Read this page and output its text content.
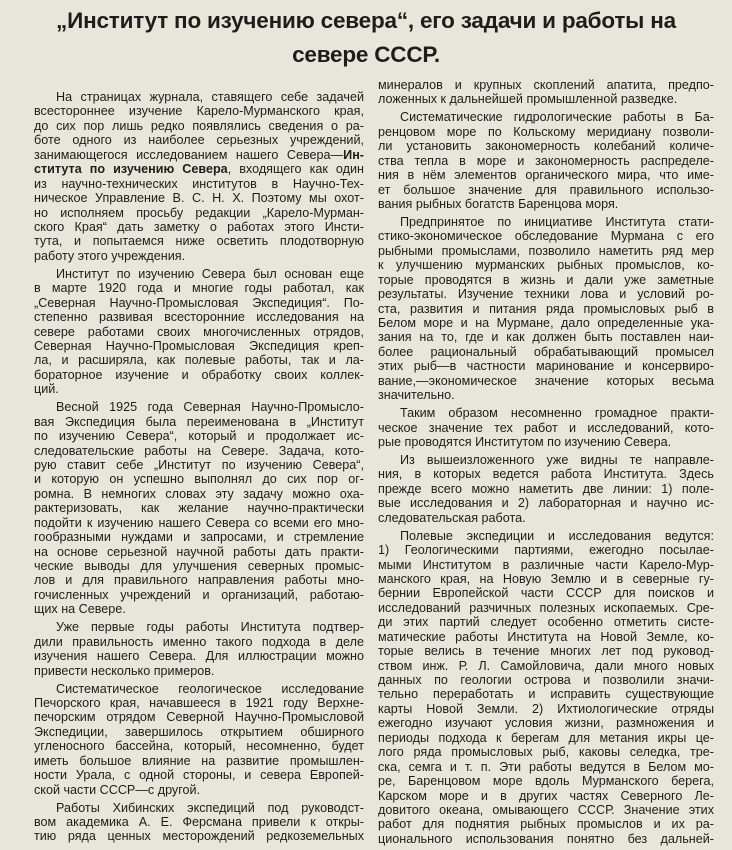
„Институт по изучению севера“, его задачи и работы на
севере СССР.
На страницах журнала, ставящего себе задачей
всестороннее изучение Карело-Мурманского края,
до сих пор лишь редко появлялись сведения о ра-
боте одного из наиболее серьезных учреждений,
занимающегося исследованием нашего Севера—Ин-
ститута по изучению Севера, входящего как один
из научно-технических институтов в Научно-Тех-
ническое Управление В. С. Н. Х. Поэтому мы охот-
но исполняем просьбу редакции „Карело-Мурман-
ского Края“ дать заметку о работах этого Инсти-
тута, и попытаемся ниже осветить плодотворную
работу этого учреждения.
Институт по изучению Севера был основан еще
в марте 1920 года и многие годы работал, как
„Северная Научно-Промысловая Экспедиция“. По-
степенно развивая всесторонние исследования на
севере работами своих многочисленных отрядов,
Северная Научно-Промысловая Экспедиция креп-
ла, и расширяла, как полевые работы, так и ла-
бораторное изучение и обработку своих коллек-
ций.
Весной 1925 года Северная Научно-Промысло-
вая Экспедиция была переименована в „Институт
по изучению Севера“, который и продолжает ис-
следовательские работы на Севере. Задача, кото-
рую ставит себе „Институт по изучению Севера“,
и которую он успешно выполнял до сих пор ог-
ромна. В немногих словах эту задачу можно оха-
рактеризовать, как желание научно-практически
подойти к изучению нашего Севера со всеми его мно-
гообразными нуждами и запросами, и стремление
на основе серьезной научной работы дать практи-
ческие выводы для улучшения северных промыс-
лов и для правильного направления работы мно-
гочисленных учреждений и организаций, работаю-
щих на Севере.
Уже первые годы работы Института подтвер-
дили правильность именно такого подхода в деле
изучения нашего Севера. Для иллюстрации можно
привести несколько примеров.
Систематическое геологическое исследование
Печорского края, начавшееся в 1921 году Верхне-
печорским отрядом Северной Научно-Промысловой
Экспедиции, завершилось открытием обширного
угленосного бассейна, который, несомненно, будет
иметь большое влияние на развитие промышлен-
ности Урала, с одной стороны, и севера Европей-
ской части СССР—с другой.
Работы Хибинских экспедиций под руководст-
вом академика А. Е. Ферсмана привели к откры-
тию ряда ценных месторождений редкоземельных
минералов и крупных скоплений апатита, предпо-
ложенных к дальнейшей промышленной разведке.
Систематические гидрологические работы в Ба-
ренцовом море по Кольскому меридиану позволи-
ли установить закономерность колебаний количе-
ства тепла в море и закономерность распределе-
ния в нём элементов органического мира, что име-
ет большое значение для правильного использо-
вания рыбных богатств Баренцова моря.
Предпринятое по инициативе Института стати-
стико-экономическое обследование Мурмана с его
рыбными промыслами, позволило наметить ряд мер
к улучшению мурманских рыбных промыслов, ко-
торые проводятся в жизнь и дали уже заметные
результаты. Изучение техники лова и условий ро-
ста, развития и питания ряда промысловых рыб в
Белом море и на Мурмане, дало определенные ука-
зания на то, где и как должен быть поставлен наи-
более рациональный обрабатывающий промысел
этих рыб—в частности маринование и консервиро-
вание,—экономическое значение которых весьма
значительно.
Таким образом несомненно громадное практи-
ческое значение тех работ и исследований, кото-
рые проводятся Институтом по изучению Севера.
Из вышеизложенного уже видны те направле-
ния, в которых ведется работа Института. Здесь
прежде всего можно наметить две линии: 1) поле-
вые исследования и 2) лабораторная и научно ис-
следовательская работа.
Полевые экспедиции и исследования ведутся:
1) Геологическими партиями, ежегодно посылае-
мыми Институтом в различные части Карело-Мур-
манского края, на Новую Землю и в северные гу-
бернии Европейской части СССР для поисков и
исследований разчичных полезных ископаемых. Сре-
ди этих партий следует особенно отметить систе-
матические работы Института на Новой Земле, ко-
торые велись в течение многих лет под руковод-
ством инж. Р. Л. Самойловича, дали много новых
данных по геологии острова и позволили значи-
тельно переработать и исправить существующие
карты Новой Земли. 2) Ихтиологические отряды
ежегодно изучают условия жизни, размножения и
периоды подхода к берегам для метания икры це-
лого ряда промысловых рыб, каковы селедка, тре-
ска, семга и т. п. Эти работы ведутся в Белом мо-
ре, Баренцовом море вдоль Мурманского берега,
Карском море и в других частях Северного Ле-
довитого океана, омывающего СССР. Значение этих
работ для поднятия рыбных промыслов и их ра-
ционального использования понятно без дальней-
